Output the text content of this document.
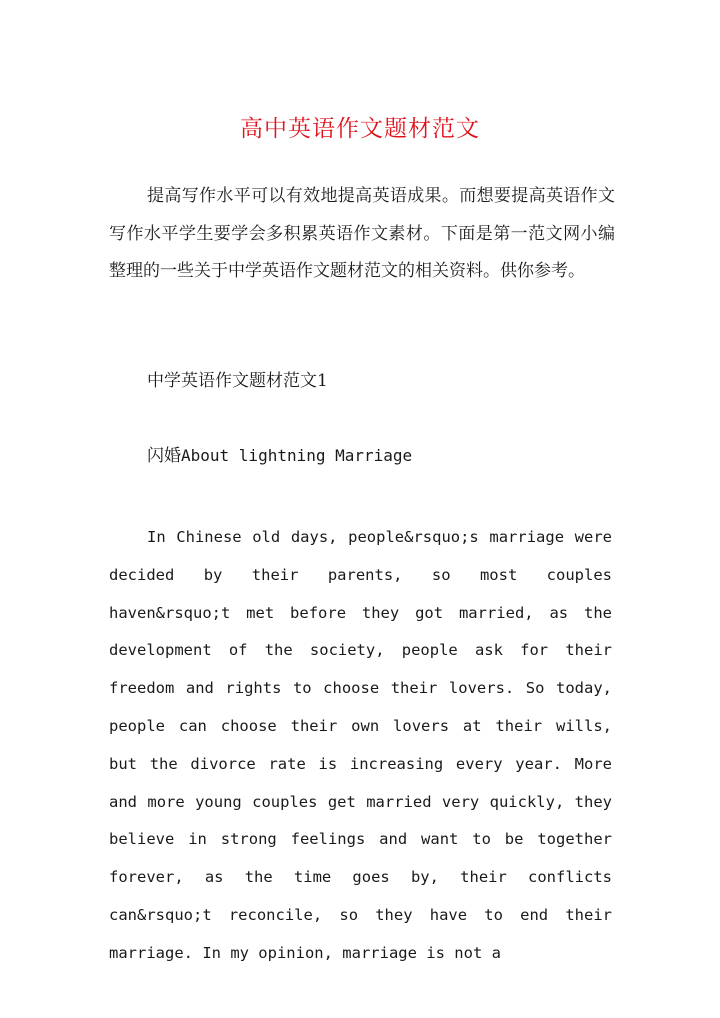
高中英语作文题材范文

提高写作水平可以有效地提高英语成果。而想要提高英语作文写作水平学生要学会多积累英语作文素材。下面是第一范文网小编整理的一些关于中学英语作文题材范文的相关资料。供你参考。

中学英语作文题材范文1

闪婚About lightning Marriage

In Chinese old days, people&rsquo;s marriage were decided by their parents, so most couples haven&rsquo;t met before they got married, as the development of the society, people ask for their freedom and rights to choose their lovers. So today, people can choose their own lovers at their wills, but the divorce rate is increasing every year. More and more young couples get married very quickly, they believe in strong feelings and want to be together forever, as the time goes by, their conflicts can&rsquo;t reconcile, so they have to end their marriage. In my opinion, marriage is not a
